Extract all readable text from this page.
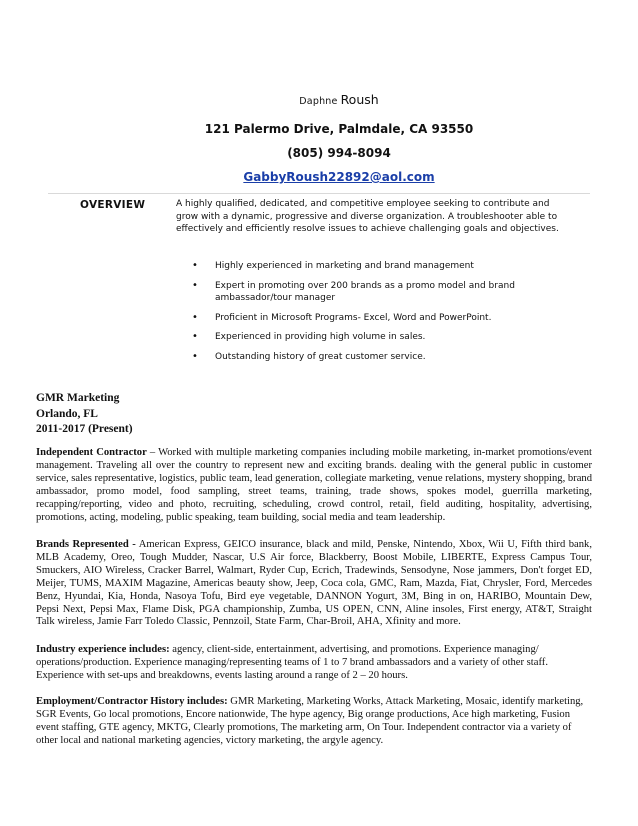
Daphne Roush
121 Palermo Drive, Palmdale, CA 93550
(805) 994-8094
GabbyRoush22892@aol.com
OVERVIEW	A highly qualified, dedicated, and competitive employee seeking to contribute and grow with a dynamic, progressive and diverse organization. A troubleshooter able to effectively and efficiently resolve issues to achieve challenging goals and objectives.
• Highly experienced in marketing and brand management
• Expert in promoting over 200 brands as a promo model and brand ambassador/tour manager
• Proficient in Microsoft Programs- Excel, Word and PowerPoint.
• Experienced in providing high volume in sales.
• Outstanding history of great customer service.
GMR Marketing
Orlando, FL
2011-2017 (Present)
Independent Contractor – Worked with multiple marketing companies including mobile marketing, in-market promotions/event management. Traveling all over the country to represent new and exciting brands. dealing with the general public in customer service, sales representative, logistics, public team, lead generation, collegiate marketing, venue relations, mystery shopping, brand ambassador, promo model, food sampling, street teams, training, trade shows, spokes model, guerrilla marketing, recapping/reporting, video and photo, recruiting, scheduling, crowd control, retail, field auditing, hospitality, advertising, promotions, acting, modeling, public speaking, team building, social media and team leadership.
Brands Represented - American Express, GEICO insurance, black and mild, Penske, Nintendo, Xbox, Wii U, Fifth third bank, MLB Academy, Oreo, Tough Mudder, Nascar, U.S Air force, Blackberry, Boost Mobile, LIBERTE, Express Campus Tour, Smuckers, AIO Wireless, Cracker Barrel, Walmart, Ryder Cup, Ecrich, Tradewinds, Sensodyne, Nose jammers, Don't forget ED, Meijer, TUMS, MAXIM Magazine, Americas beauty show, Jeep, Coca cola, GMC, Ram, Mazda, Fiat, Chrysler, Ford, Mercedes Benz, Hyundai, Kia, Honda, Nasoya Tofu, Bird eye vegetable, DANNON Yogurt, 3M, Bing in on, HARIBO, Mountain Dew, Pepsi Next, Pepsi Max, Flame Disk, PGA championship, Zumba, US OPEN, CNN, Aline insoles, First energy, AT&T, Straight Talk wireless, Jamie Farr Toledo Classic, Pennzoil, State Farm, Char-Broil, AHA, Xfinity and more.
Industry experience includes: agency, client-side, entertainment, advertising, and promotions. Experience managing/ operations/production. Experience managing/representing teams of 1 to 7 brand ambassadors and a variety of other staff. Experience with set-ups and breakdowns, events lasting around a range of 2 – 20 hours.
Employment/Contractor History includes: GMR Marketing, Marketing Works, Attack Marketing, Mosaic, identify marketing, SGR Events, Go local promotions, Encore nationwide, The hype agency, Big orange productions, Ace high marketing, Fusion event staffing, GTE agency, MKTG, Clearly promotions, The marketing arm, On Tour. Independent contractor via a variety of other local and national marketing agencies, victory marketing, the argyle agency.
